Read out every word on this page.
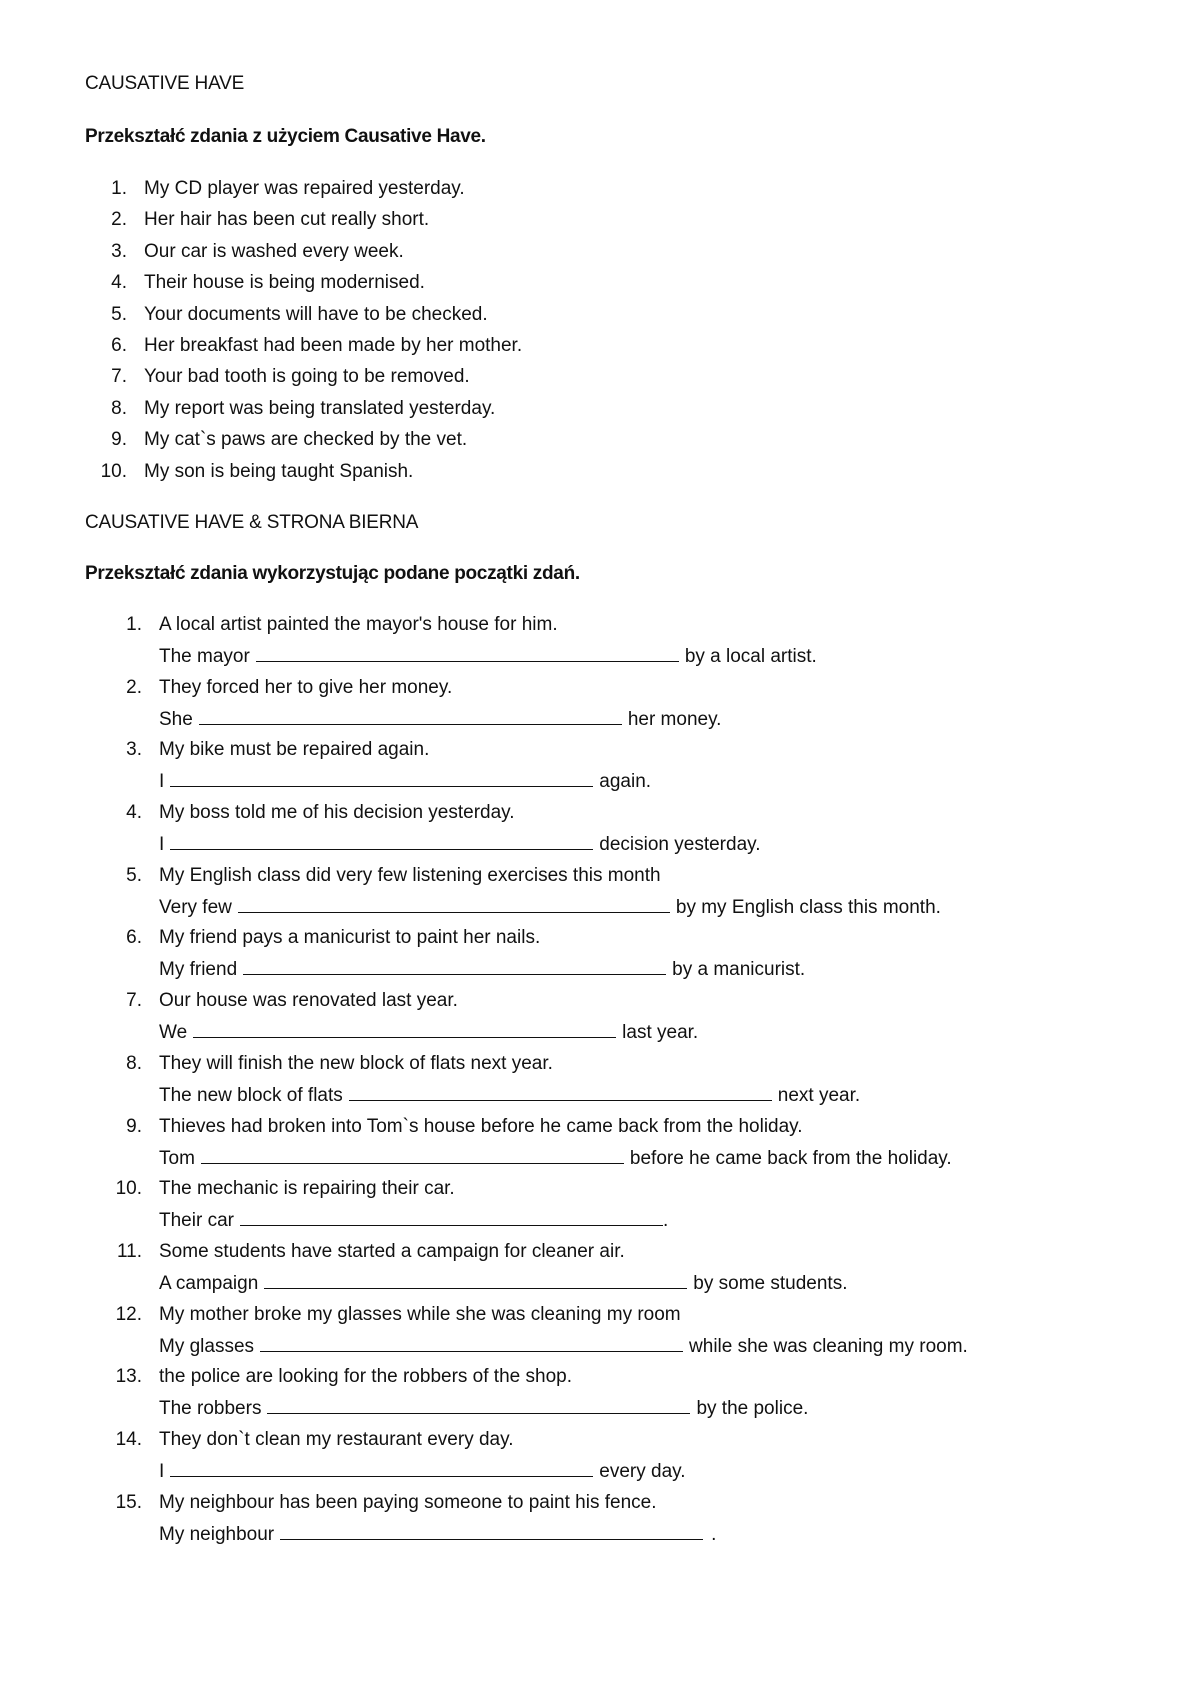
CAUSATIVE HAVE
Przekształć zdania z użyciem Causative Have.
1. My CD player was repaired yesterday.
2. Her hair has been cut really short.
3. Our car is washed every week.
4. Their house is being modernised.
5. Your documents will have to be checked.
6. Her breakfast had been made by her mother.
7. Your bad tooth is going to be removed.
8. My report was being translated yesterday.
9. My cat`s paws are checked by the vet.
10. My son is being taught Spanish.
CAUSATIVE HAVE & STRONA BIERNA
Przekształć zdania wykorzystując podane początki zdań.
1. A local artist painted the mayor's house for him.
The mayor	by a local artist.
2. They forced her to give her money.
She	her money.
3. My bike must be repaired again.
I	again.
4. My boss told me of his decision yesterday.
I	decision yesterday.
5. My English class did very few listening exercises this month
Very few	by my English class this month.
6. My friend pays a manicurist to paint her nails.
My friend	by a manicurist.
7. Our house was renovated last year.
We	last year.
8. They will finish the new block of flats next year.
The new block of flats	next year.
9. Thieves had broken into Tom`s house before he came back from the holiday.
Tom	before he came back from the holiday.
10. The mechanic is repairing their car.
Their car	.
11. Some students have started a campaign for cleaner air.
A campaign	by some students.
12. My mother broke my glasses while she was cleaning my room
My glasses	while she was cleaning my room.
13. the police are looking for the robbers of the shop.
The robbers	by the police.
14. They don`t clean my restaurant every day.
I	every day.
15. My neighbour has been paying someone to paint his fence.
My neighbour	.
